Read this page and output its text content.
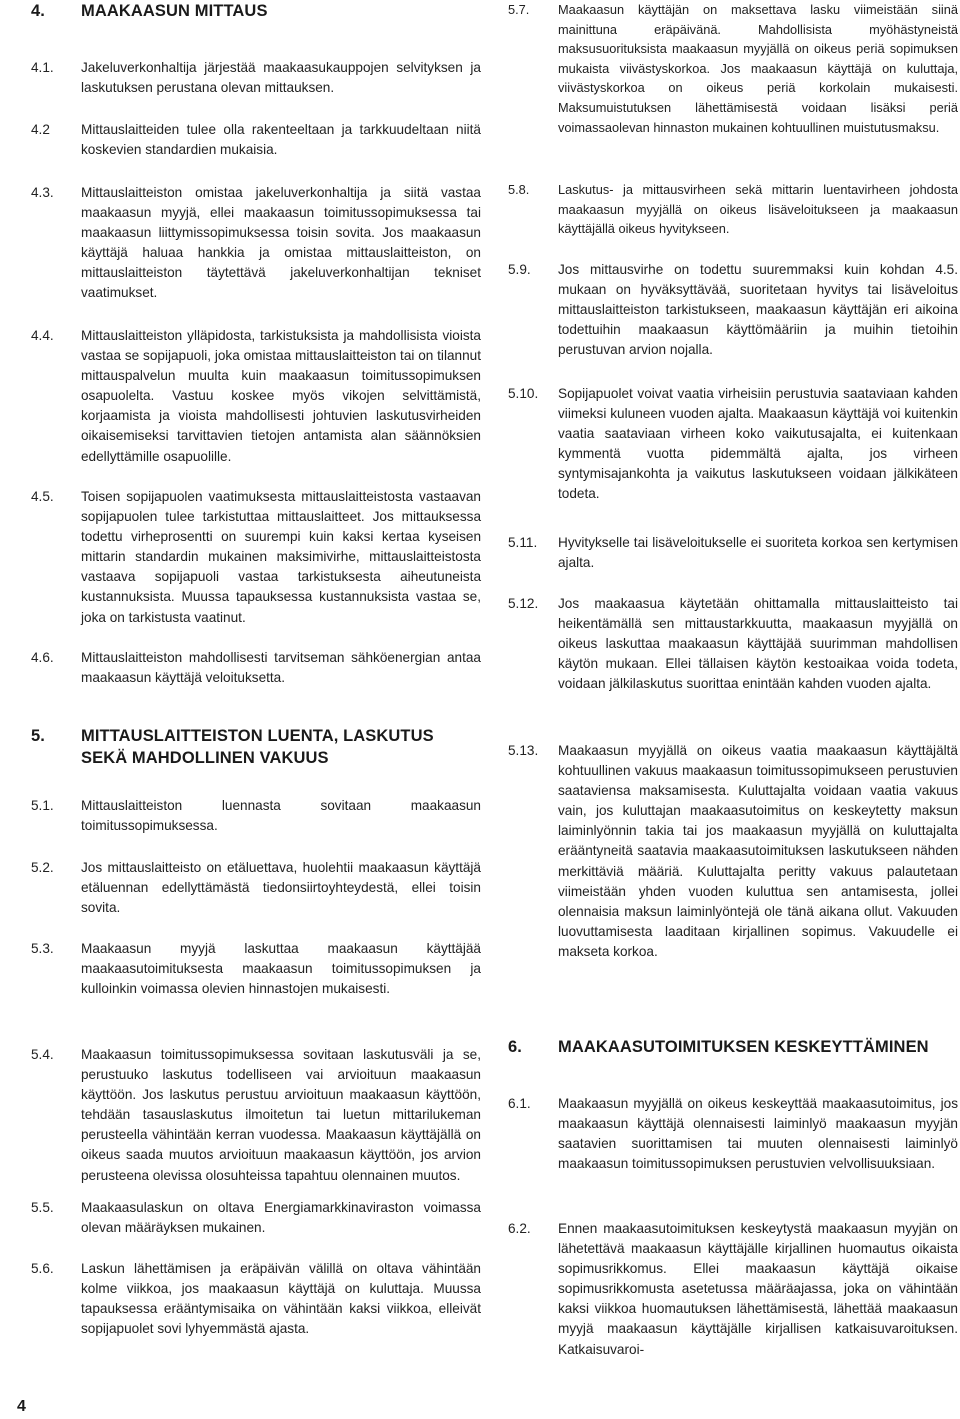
4.	MAAKAASUN MITTAUS
4.1.	Jakeluverkonhaltija järjestää maakaasukauppojen selvityksen ja laskutuksen perustana olevan mittauksen.
4.2	Mittauslaitteiden tulee olla rakenteeltaan ja tarkkuudeltaan niitä koskevien standardien mukaisia.
4.3.	Mittauslaitteiston omistaa jakeluverkonhaltija ja siitä vastaa maakaasun myyjä, ellei maakaasun toimitussopimuksessa tai maakaasun liittymissopimuksessa toisin sovita. Jos maakaasun käyttäjä haluaa hankkia ja omistaa mittauslaitteiston, on mittauslaitteiston täytettävä jakeluverkonhaltijan tekniset vaatimukset.
4.4.	Mittauslaitteiston ylläpidosta, tarkistuksista ja mahdollisista vioista vastaa se sopijapuoli, joka omistaa mittauslaitteiston tai on tilannut mittauspalvelun muulta kuin maakaasun toimitussopimuksen osapuolelta. Vastuu koskee myös vikojen selvittämistä, korjaamista ja vioista mahdollisesti johtuvien laskutusvirheiden oikaisemiseksi tarvittavien tietojen antamista alan säännöksien edellyttämille osapuolille.
4.5.	Toisen sopijapuolen vaatimuksesta mittauslaitteistosta vastaavan sopijapuolen tulee tarkistuttaa mittauslaitteet. Jos mittauksessa todettu virheprosentti on suurempi kuin kaksi kertaa kyseisen mittarin standardin mukainen maksimivirhe, mittauslaitteistosta vastaava sopijapuoli vastaa tarkistuksesta aiheutuneista kustannuksista. Muussa tapauksessa kustannuksista vastaa se, joka on tarkistusta vaatinut.
4.6.	Mittauslaitteiston mahdollisesti tarvitseman sähköenergian antaa maakaasun käyttäjä veloituksetta.
5.	MITTAUSLAITTEISTON LUENTA, LASKUTUS SEKÄ MAHDOLLINEN VAKUUS
5.1.	Mittauslaitteiston luennasta sovitaan maakaasun toimitussopimuksessa.
5.2.	Jos mittauslaitteisto on etäluettava, huolehtii maakaasun käyttäjä etäluennan edellyttämästä tiedonsiirtoyhteydestä, ellei toisin sovita.
5.3.	Maakaasun myyjä laskuttaa maakaasun käyttäjää maakaasutoimituksesta maakaasun toimitussopimuksen ja kulloinkin voimassa olevien hinnastojen mukaisesti.
5.4.	Maakaasun toimitussopimuksessa sovitaan laskutusväli ja se, perustuuko laskutus todelliseen vai arvioituun maakaasun käyttöön. Jos laskutus perustuu arvioituun maakaasun käyttöön, tehdään tasauslaskutus ilmoitetun tai luetun mittarilukeman perusteella vähintään kerran vuodessa. Maakaasun käyttäjällä on oikeus saada muutos arvioituun maakaasun käyttöön, jos arvion perusteena olevissa olosuhteissa tapahtuu olennainen muutos.
5.5.	Maakaasulaskun on oltava Energiamarkkinaviraston voimassa olevan määräyksen mukainen.
5.6.	Laskun lähettämisen ja eräpäivän välillä on oltava vähintään kolme viikkoa, jos maakaasun käyttäjä on kuluttaja. Muussa tapauksessa erääntymisaika on vähintään kaksi viikkoa, elleivät sopijapuolet sovi lyhyemmästä ajasta.
5.7.	Maakaasun käyttäjän on maksettava lasku viimeistään siinä mainittuna eräpäivänä. Mahdollisista myöhästyneistä maksusuorituksista maakaasun myyjällä on oikeus periä sopimuksen mukaista viivästyskorkoa. Jos maakaasun käyttäjä on kuluttaja, viivästyskorkoa on oikeus periä korkolain mukaisesti. Maksumuistutuksen lähettämisestä voidaan lisäksi periä voimassaolevan hinnaston mukainen kohtuullinen muistutusmaksu.
5.8.	Laskutus- ja mittausvirheen sekä mittarin luentavirheen johdosta maakaasun myyjällä on oikeus lisäveloitukseen ja maakaasun käyttäjällä oikeus hyvitykseen.
5.9.	Jos mittausvirhe on todettu suuremmaksi kuin kohdan 4.5. mukaan on hyväksyttävää, suoritetaan hyvitys tai lisäveloitus mittauslaitteiston tarkistukseen, maakaasun käyttäjän eri aikoina todettuihin maakaasun käyttömääriin ja muihin tietoihin perustuvan arvion nojalla.
5.10.	Sopijapuolet voivat vaatia virheisiin perustuvia saataviaan kahden viimeksi kuluneen vuoden ajalta. Maakaasun käyttäjä voi kuitenkin vaatia saataviaan virheen koko vaikutusajalta, ei kuitenkaan kymmentä vuotta pidemmältä ajalta, jos virheen syntymisajankohta ja vaikutus laskutukseen voidaan jälkikäteen todeta.
5.11.	Hyvitykselle tai lisäveloitukselle ei suoriteta korkoa sen kertymisen ajalta.
5.12.	Jos maakaasua käytetään ohittamalla mittauslaitteisto tai heikentämällä sen mittaustarkkuutta, maakaasun myyjällä on oikeus laskuttaa maakaasun käyttäjää suurimman mahdollisen käytön mukaan. Ellei tällaisen käytön kestoaikaa voida todeta, voidaan jälkilaskutus suorittaa enintään kahden vuoden ajalta.
5.13.	Maakaasun myyjällä on oikeus vaatia maakaasun käyttäjältä kohtuullinen vakuus maakaasun toimitussopimukseen perustuvien saataviensa maksamisesta. Kuluttajalta voidaan vaatia vakuus vain, jos kuluttajan maakaasutoimitus on keskeytetty maksun laiminlyönnin takia tai jos maakaasun myyjällä on kuluttajalta erääntyneitä saatavia maakaasutoimituksen laskutukseen nähden merkittäviä määriä. Kuluttajalta peritty vakuus palautetaan viimeistään yhden vuoden kuluttua sen antamisesta, jollei olennaisia maksun laiminlyöntejä ole tänä aikana ollut. Vakuuden luovuttamisesta laaditaan kirjallinen sopimus. Vakuudelle ei makseta korkoa.
6.	MAAKAASUTOIMITUKSEN KESKEYTTÄMINEN
6.1.	Maakaasun myyjällä on oikeus keskeyttää maakaasutoimitus, jos maakaasun käyttäjä olennaisesti laiminlyö maakaasun myyjän saatavien suorittamisen tai muuten olennaisesti laiminlyö maakaasun toimitussopimuksen perustuvien velvollisuuksiaan.
6.2.	Ennen maakaasutoimituksen keskeytystä maakaasun myyjän on lähetettävä maakaasun käyttäjälle kirjallinen huomautus oikaista sopimusrikkomus. Ellei maakaasun käyttäjä oikaise sopimusrikkomusta asetetussa määräajassa, joka on vähintään kaksi viikkoa huomautuksen lähettämisestä, lähettää maakaasun myyjä maakaasun käyttäjälle kirjallisen katkaisuvaroituksen. Katkaisuvaroi-
4
